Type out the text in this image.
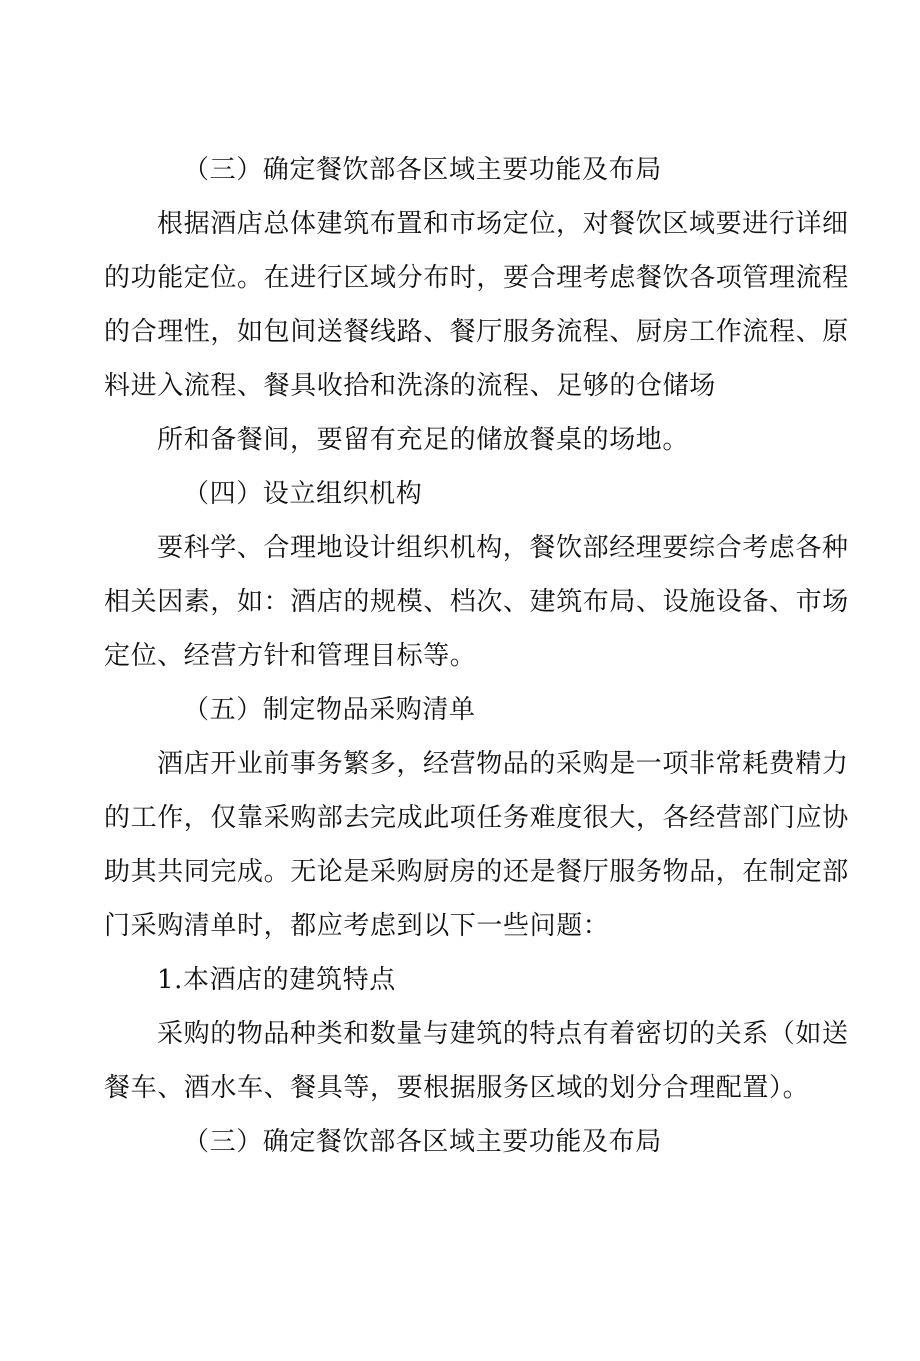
（三）确定餐饮部各区域主要功能及布局
根据酒店总体建筑布置和市场定位，对餐饮区域要进行详细
的功能定位。在进行区域分布时，要合理考虑餐饮各项管理流程
的合理性，如包间送餐线路、餐厅服务流程、厨房工作流程、原
料进入流程、餐具收拾和洗涤的流程、足够的仓储场
所和备餐间，要留有充足的储放餐桌的场地。
（四）设立组织机构
要科学、合理地设计组织机构，餐饮部经理要综合考虑各种
相关因素，如：酒店的规模、档次、建筑布局、设施设备、市场
定位、经营方针和管理目标等。
（五）制定物品采购清单
酒店开业前事务繁多，经营物品的采购是一项非常耗费精力
的工作，仅靠采购部去完成此项任务难度很大，各经营部门应协
助其共同完成。无论是采购厨房的还是餐厅服务物品，在制定部
门采购清单时，都应考虑到以下一些问题：
1.本酒店的建筑特点
采购的物品种类和数量与建筑的特点有着密切的关系（如送
餐车、酒水车、餐具等，要根据服务区域的划分合理配置）。
（三）确定餐饮部各区域主要功能及布局
